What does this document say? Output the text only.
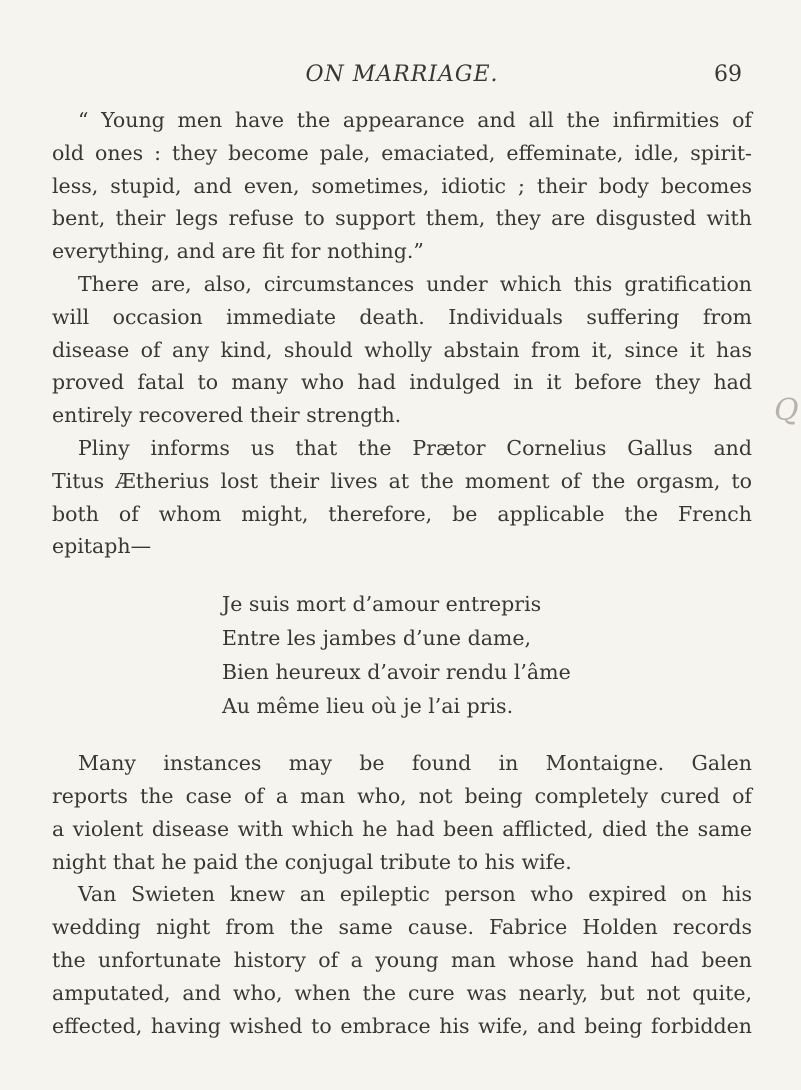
ON MARRIAGE.	69
“ Young men have the appearance and all the infirmities of
old ones : they become pale, emaciated, effeminate, idle, spirit-
less, stupid, and even, sometimes, idiotic ; their body becomes
bent, their legs refuse to support them, they are disgusted with
everything, and are fit for nothing.”
There are, also, circumstances under which this gratification
will occasion immediate death. Individuals suffering from
disease of any kind, should wholly abstain from it, since it has
proved fatal to many who had indulged in it before they had
entirely recovered their strength.
Pliny informs us that the Prætor Cornelius Gallus and
Titus Ætherius lost their lives at the moment of the orgasm, to
both of whom might, therefore, be applicable the French
epitaph—
Je suis mort d’amour entrepris
Entre les jambes d’une dame,
Bien heureux d’avoir rendu l’âme
Au même lieu où je l’ai pris.
Many instances may be found in Montaigne. Galen
reports the case of a man who, not being completely cured of
a violent disease with which he had been afflicted, died the same
night that he paid the conjugal tribute to his wife.
Van Swieten knew an epileptic person who expired on his
wedding night from the same cause. Fabrice Holden records
the unfortunate history of a young man whose hand had been
amputated, and who, when the cure was nearly, but not quite,
effected, having wished to embrace his wife, and being forbidden
Q
